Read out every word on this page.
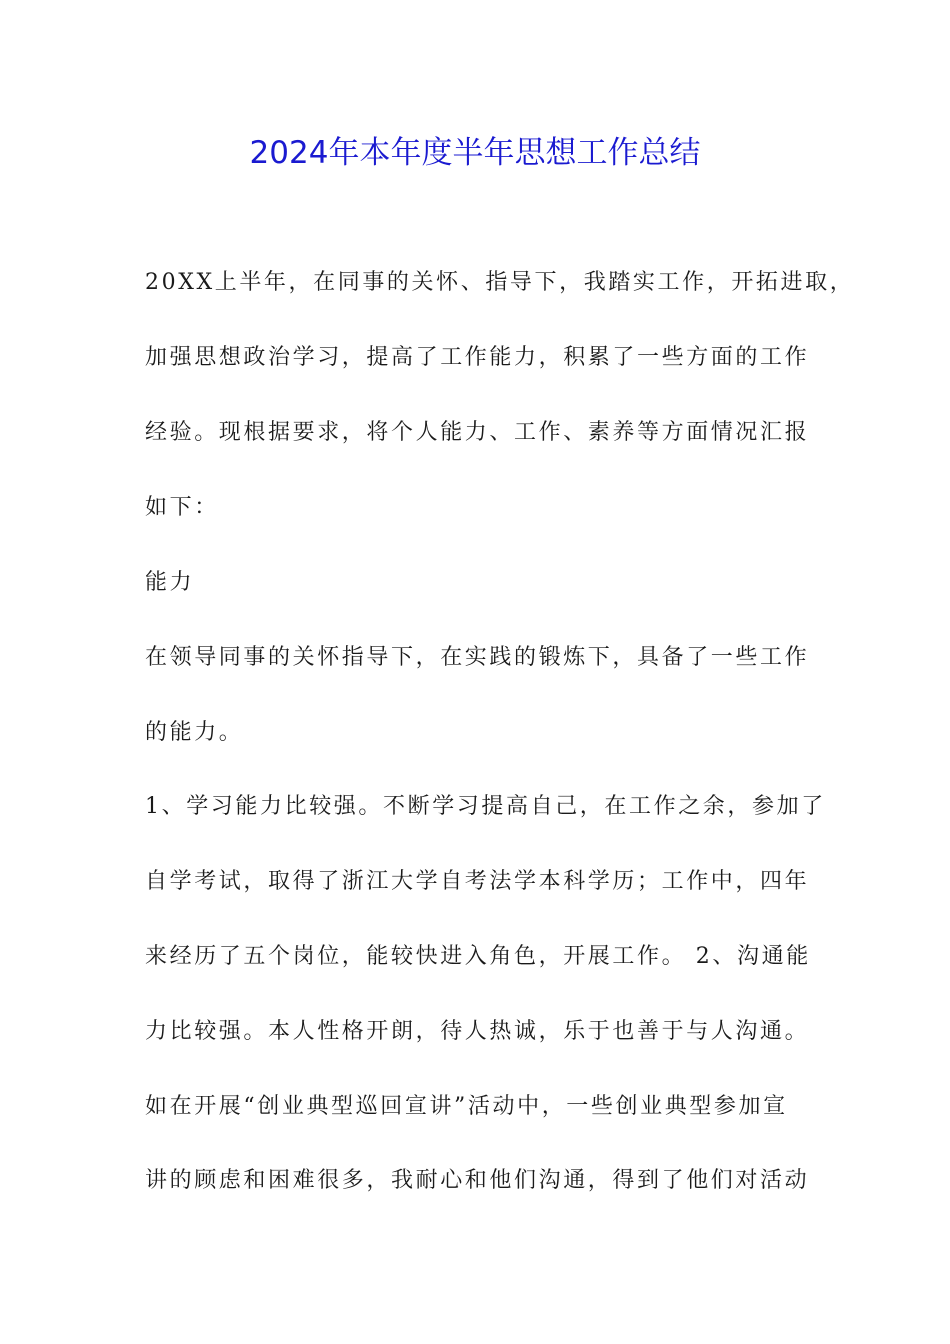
2024年本年度半年思想工作总结

20XX上半年，在同事的关怀、指导下，我踏实工作，开拓进取，

加强思想政治学习，提高了工作能力，积累了一些方面的工作

经验。现根据要求，将个人能力、工作、素养等方面情况汇报

如下：

能力

在领导同事的关怀指导下，在实践的锻炼下，具备了一些工作

的能力。

1、学习能力比较强。不断学习提高自己，在工作之余，参加了

自学考试，取得了浙江大学自考法学本科学历；工作中，四年

来经历了五个岗位，能较快进入角色，开展工作。 2、沟通能

力比较强。本人性格开朗，待人热诚，乐于也善于与人沟通。

如在开展“创业典型巡回宣讲”活动中，一些创业典型参加宣

讲的顾虑和困难很多，我耐心和他们沟通，得到了他们对活动
